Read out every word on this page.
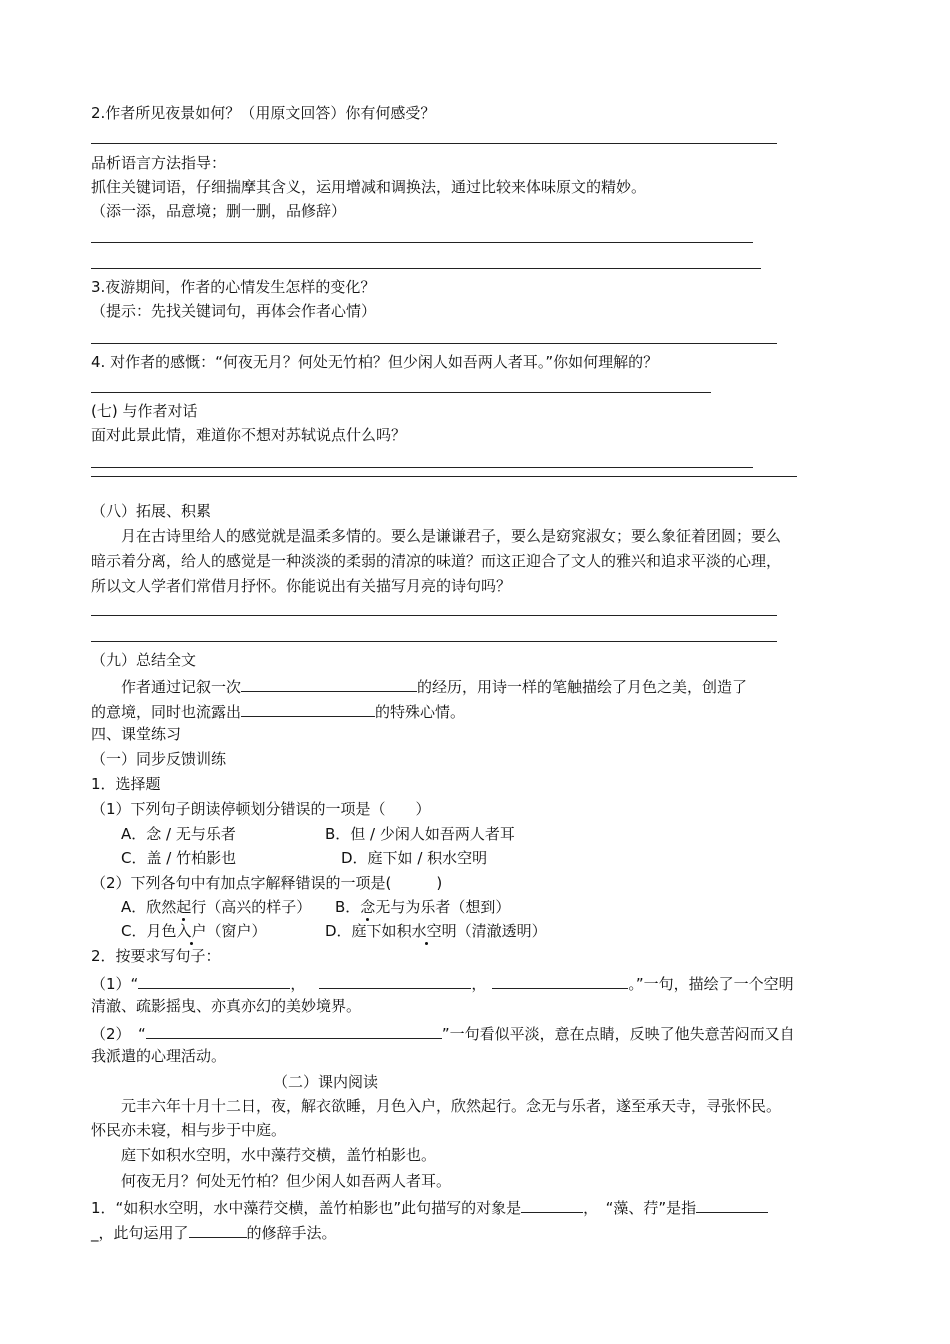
2.作者所见夜景如何？（用原文回答）你有何感受？
品析语言方法指导：
抓住关键词语，仔细揣摩其含义，运用增减和调换法，通过比较来体味原文的精妙。
（添一添，品意境；删一删，品修辞）
3.夜游期间，作者的心情发生怎样的变化？
（提示：先找关键词句，再体会作者心情）
4. 对作者的感慨：“何夜无月？何处无竹柏？但少闲人如吾两人者耳。”你如何理解的？
(七) 与作者对话
面对此景此情，难道你不想对苏轼说点什么吗？
（八）拓展、积累
月在古诗里给人的感觉就是温柔多情的。要么是谦谦君子，要么是窈窕淑女；要么象征着团圆；要么
暗示着分离，给人的感觉是一种淡淡的柔弱的清凉的味道？而这正迎合了文人的雅兴和追求平淡的心理，
所以文人学者们常借月抒怀。你能说出有关描写月亮的诗句吗？
（九）总结全文
作者通过记叙一次	的经历，用诗一样的笔触描绘了月色之美，创造了
的意境，同时也流露出	的特殊心情。
四、课堂练习
（一）同步反馈训练
1．选择题
（1）下列句子朗读停顿划分错误的一项是（　　）
A．念 / 无与乐者	B．但 / 少闲人如吾两人者耳
C．盖 / 竹柏影也	D．庭下如 / 积水空明
（2）下列各句中有加点字解释错误的一项是(　　　)
A．欣然起行（高兴的样子） B．念无与为乐者（想到）
C．月色入户（窗户）	D．庭下如积水空明（清澈透明）
2．按要求写句子：
（1）“	，	，	。”一句，描绘了一个空明
清澈、疏影摇曳、亦真亦幻的美妙境界。
（2）　“	”一句看似平淡，意在点睛，反映了他失意苦闷而又自
我派遣的心理活动。
（二）课内阅读
元丰六年十月十二日，夜，解衣欲睡，月色入户，欣然起行。念无与乐者，遂至承天寺，寻张怀民。
怀民亦未寝，相与步于中庭。
庭下如积水空明，水中藻荇交横，盖竹柏影也。
何夜无月？何处无竹柏？但少闲人如吾两人者耳。
1．“如积水空明，水中藻荇交横，盖竹柏影也”此句描写的对象是	，　“藻、荇”是指
_，此句运用了	的修辞手法。
